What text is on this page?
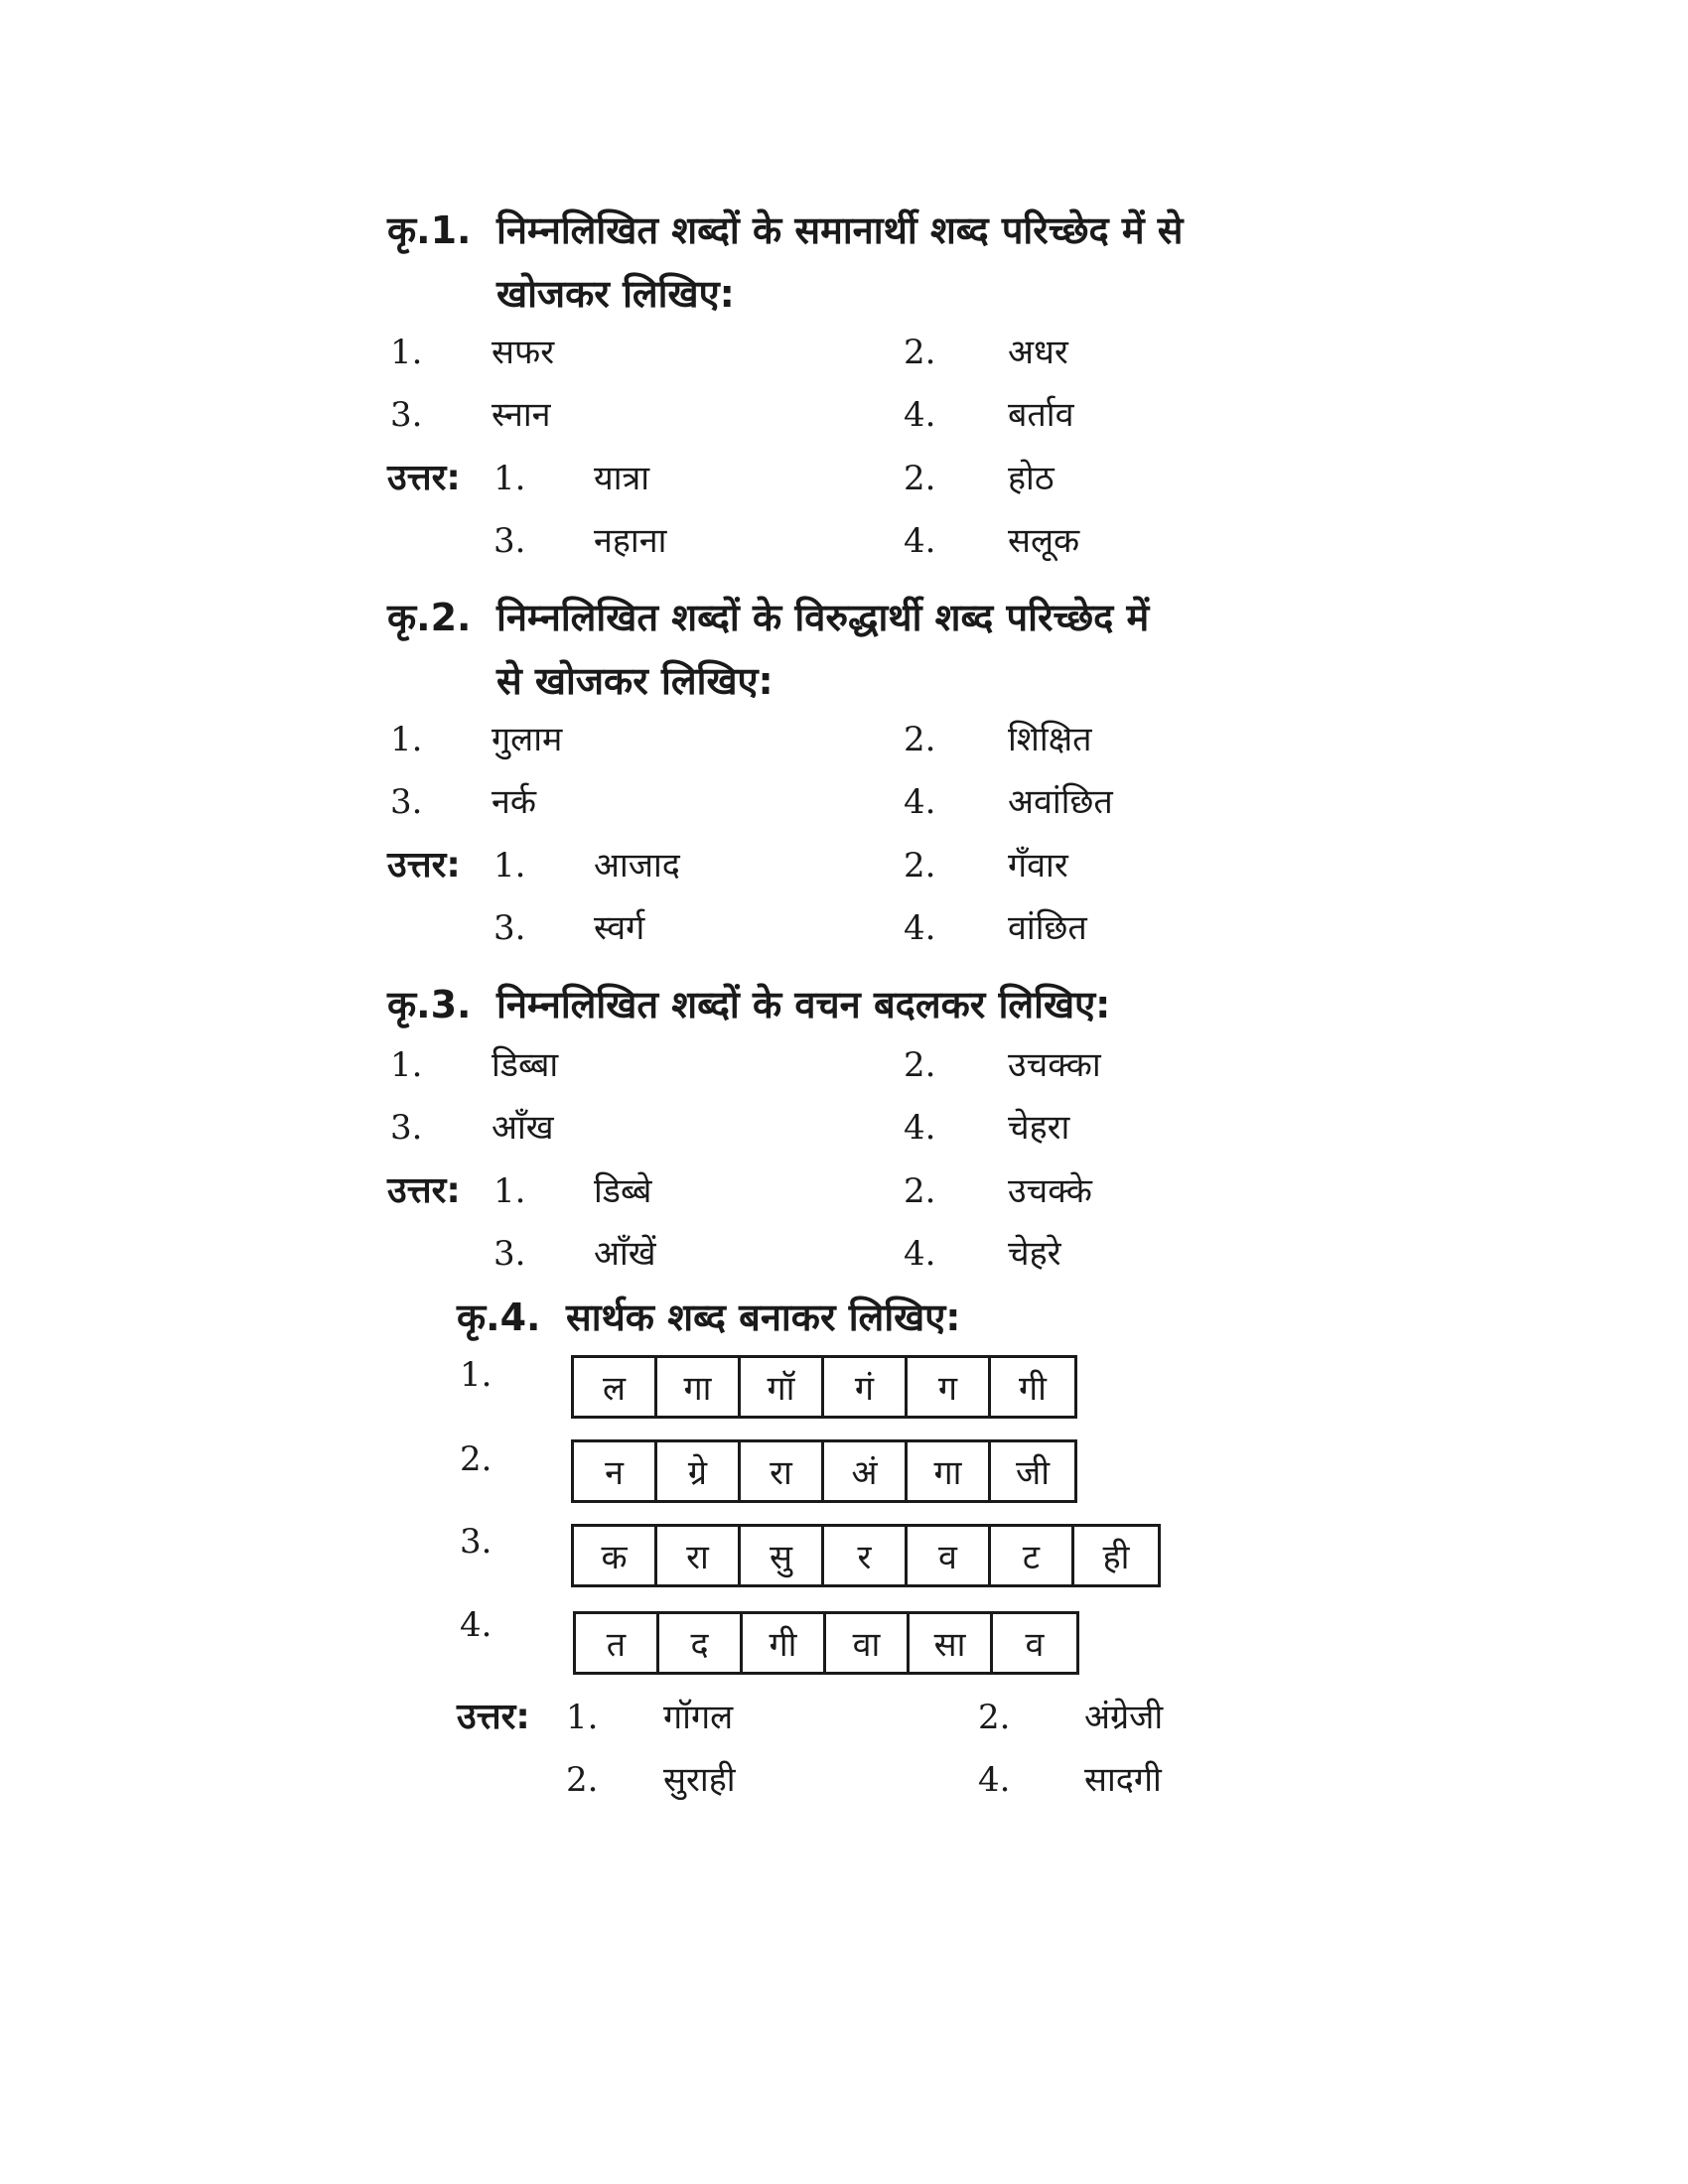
कृ.1. निम्नलिखित शब्दों के समानार्थी शब्द परिच्छेद में से
खोजकर लिखिए:
1. सफर	2. अधर
3. स्नान	4. बर्ताव
उत्तर: 1. यात्रा	2. होठ
3. नहाना	4. सलूक
कृ.2. निम्नलिखित शब्दों के विरुद्धार्थी शब्द परिच्छेद में
से खोजकर लिखिए:
1. गुलाम	2. शिक्षित
3. नर्क	4. अवांछित
उत्तर: 1. आजाद	2. गँवार
3. स्वर्ग	4. वांछित
कृ.3. निम्नलिखित शब्दों के वचन बदलकर लिखिए:
1. डिब्बा	2. उचक्का
3. आँख	4. चेहरा
उत्तर: 1. डिब्बे	2. उचक्के
3. आँखें	4. चेहरे
कृ.4. सार्थक शब्द बनाकर लिखिए:
1.	ल	गा	गॉ	गं	ग	गी
2.	न	ग्रे	रा	अं	गा	जी
3.	क	रा	सु	र	व	ट	ही
4.	त	द	गी	वा	सा	व
उत्तर: 1. गॉगल	2. अंग्रेजी
2. सुराही	4. सादगी
